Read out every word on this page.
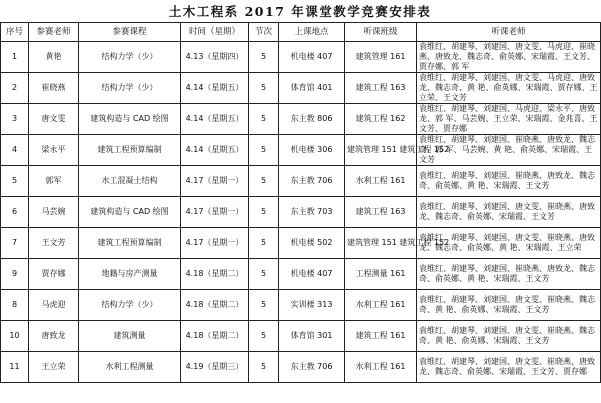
土木工程系 2017 年课堂教学竞赛安排表
序号	参赛老师	参赛课程	时间（星期）	节次	上课地点	听课班级	听课老师
1	黄艳	结构力学（少）	4.13（星期四）	5	机电楼 407	建筑管理 161	袁维红、胡建琴、刘建国、唐文雯、马虎迎、崔晓燕、唐致龙、魏志奇、俞英娜、宋瑞霞、王文芳、贾存娜、郭 军
2	崔晓燕	结构力学（少）	4.14（星期五）	5	体育馆 401	建筑工程 163	袁维红、胡建琴、刘建国、唐文雯、马虎迎、唐致龙、魏志奇、黄 艳、俞英娜、宋瑞霞、贾存娜、王立荣、王文芳
3	唐文雯	建筑构造与 CAD 绘图	4.14（星期五）	5	东主教 806	建筑工程 162	袁维红、胡建琴、刘建国、马虎迎、梁永平、唐致龙、郭 军、马芸婉、王立荣、宋瑞霞、金兆喜、王文芳、贾存娜
4	梁永平	建筑工程预算编制	4.14（星期五）	5	机电楼 306	建筑管理 151 建筑工程 152	袁维红、胡建琴、刘建国、崔晓燕、唐致龙、魏志奇、郭 军、马芸婉、黄 艳、俞英娜、宋瑞霞、王文芳
5	郭军	水工混凝土结构	4.17（星期一）	5	东主教 706	水利工程 161	袁维红、胡建琴、刘建国、崔晓燕、唐致龙、魏志奇、俞英娜、黄 艳、宋瑞霞、王文芳
6	马芸婉	建筑构造与 CAD 绘图	4.17（星期一）	5	东主教 703	建筑工程 163	袁维红、胡建琴、刘建国、唐文雯、崔晓燕、唐致龙、魏志奇、俞英娜、宋瑞霞、王文芳
7	王文芳	建筑工程预算编制	4.17（星期一）	5	机电楼 502	建筑管理 151 建筑工程 152	袁维红、胡建琴、刘建国、唐文雯、崔晓燕、唐致龙、魏志奇、俞英娜、黄 艳、宋瑞霞、王立荣
9	贾存娜	地籍与房产测量	4.18（星期二）	5	机电楼 407	工程测量 161	袁维红、胡建琴、刘建国、崔晓燕、唐致龙、魏志奇、俞英娜、黄 艳、宋瑞霞、王文芳
8	马虎迎	结构力学（少）	4.18（星期二）	5	实训楼 313	水利工程 161	袁维红、胡建琴、刘建国、唐文雯、崔晓燕、魏志奇、黄 艳、俞英娜、宋瑞霞、王文芳
10	唐致龙	建筑测量	4.18（星期二）	5	体育馆 301	建筑工程 161	袁维红、胡建琴、刘建国、唐文雯、崔晓燕、魏志奇、黄 艳、俞英娜、宋瑞霞、王文芳
11	王立荣	水利工程测量	4.19（星期三）	5	东主教 706	水利工程 161	袁维红、胡建琴、刘建国、唐文雯、崔晓燕、唐致龙、魏志奇、俞英娜、宋瑞霞、王文芳、贾存娜
